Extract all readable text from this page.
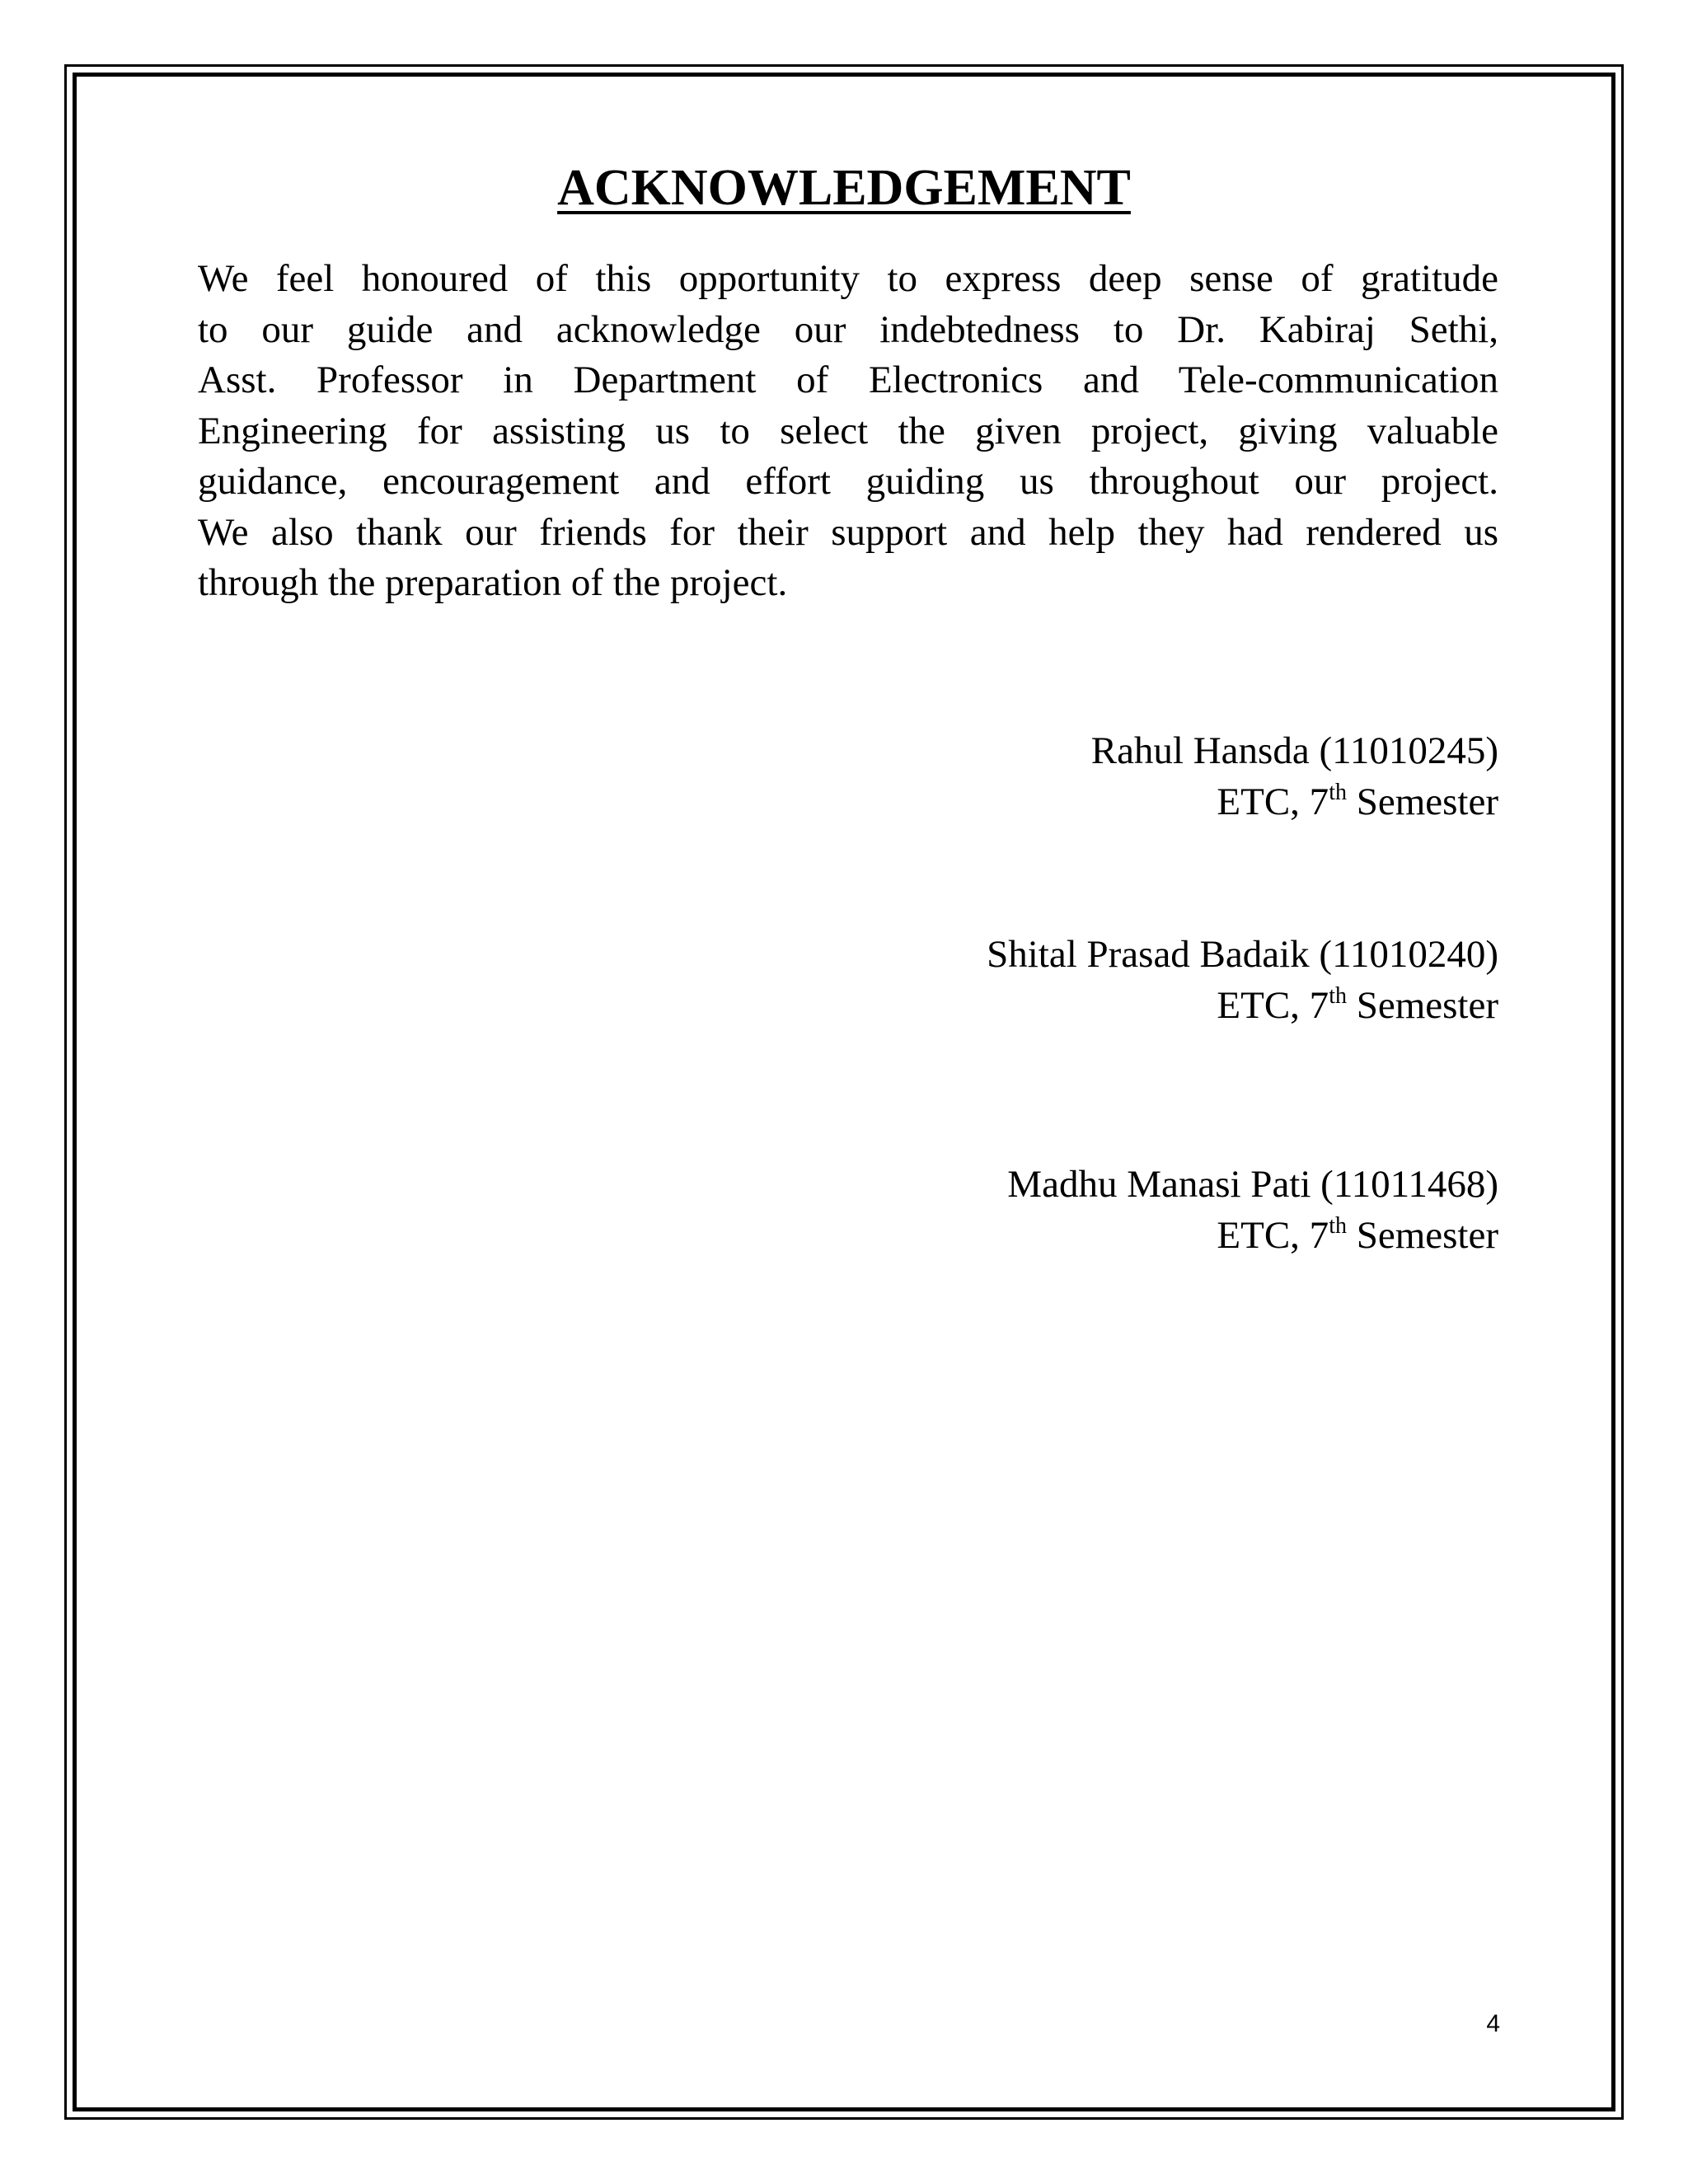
ACKNOWLEDGEMENT
We feel honoured of this opportunity to express deep sense of gratitude
to our guide and acknowledge our indebtedness to Dr. Kabiraj Sethi,
Asst. Professor in Department of Electronics and Tele-communication
Engineering for assisting us to select the given project, giving valuable
guidance, encouragement and effort guiding us throughout our project.
We also thank our friends for their support and help they had rendered us
through the preparation of the project.
Rahul Hansda (11010245)
ETC, 7th Semester
Shital Prasad Badaik (11010240)
ETC, 7th Semester
Madhu Manasi Pati (11011468)
ETC, 7th Semester
4
